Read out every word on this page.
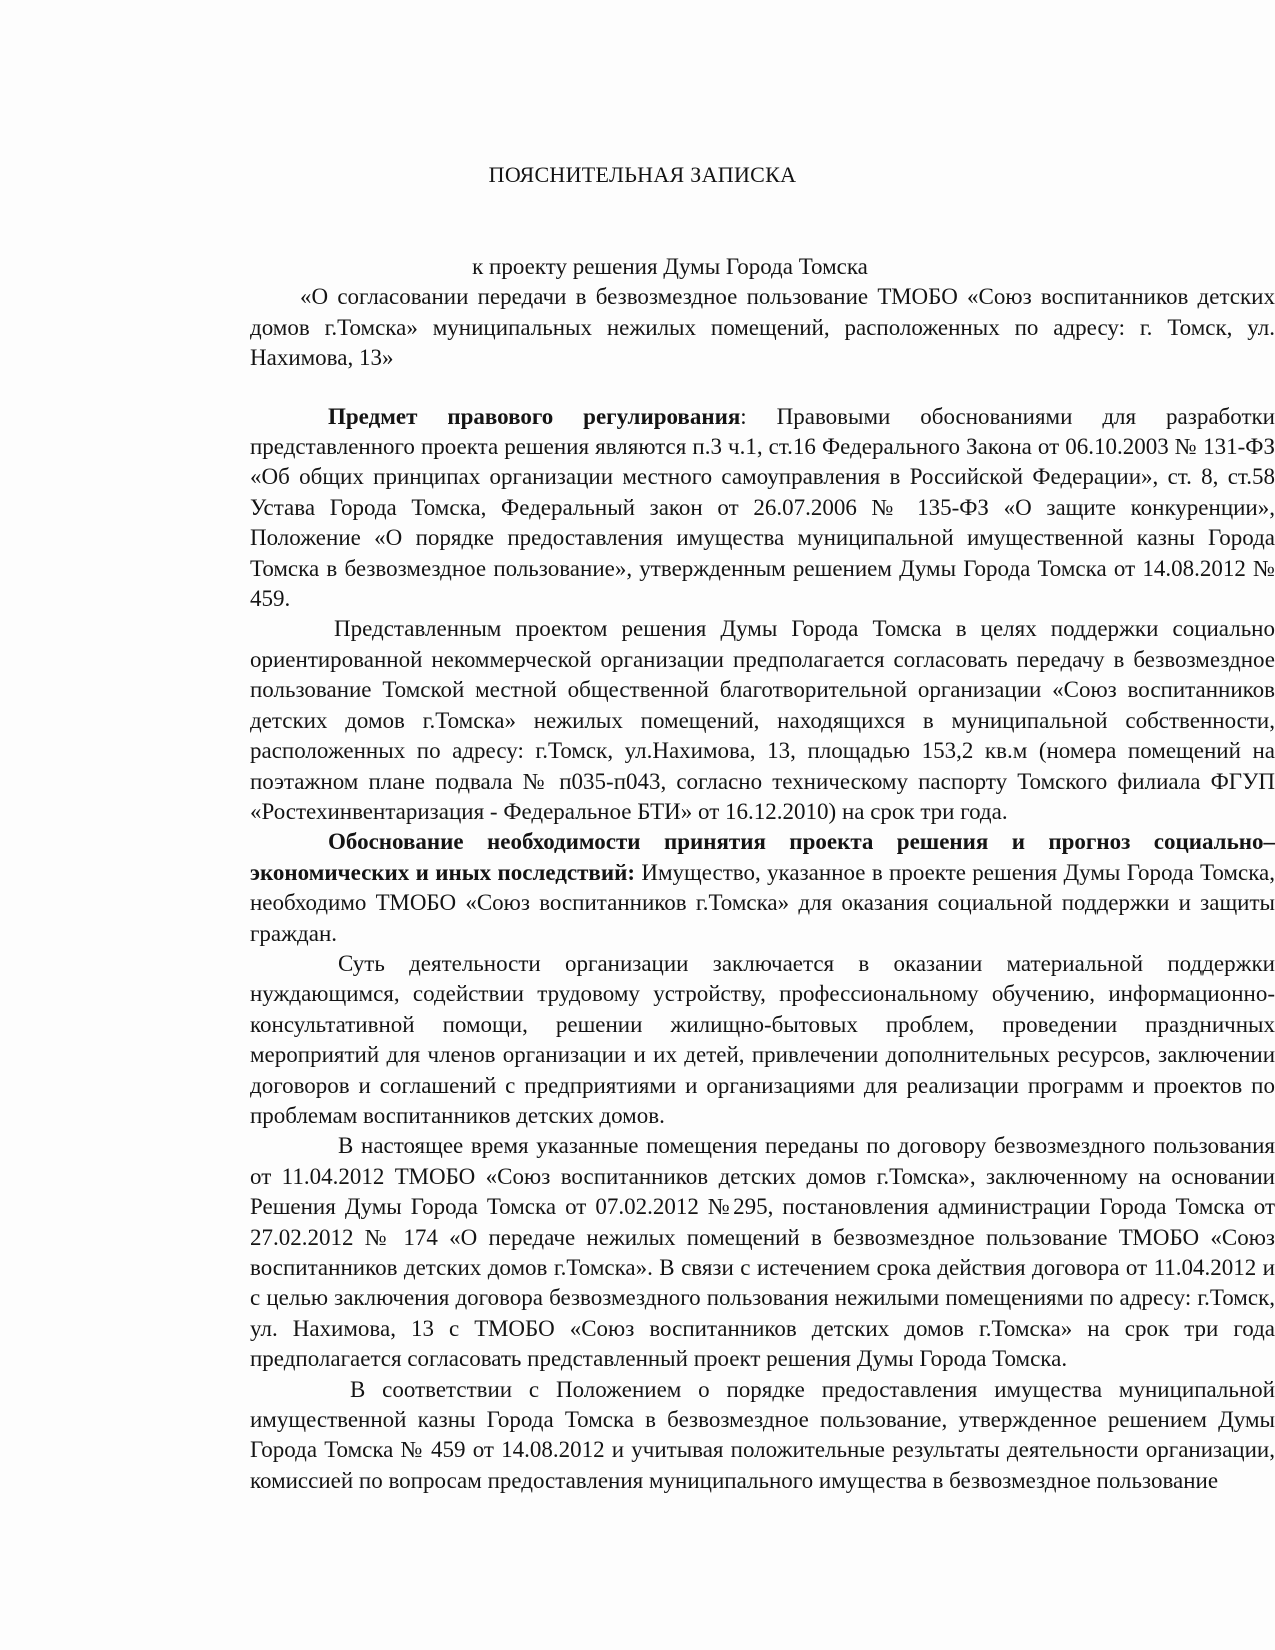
ПОЯСНИТЕЛЬНАЯ ЗАПИСКА
к проекту решения Думы Города Томска

«О согласовании передачи в безвозмездное пользование ТМОБО «Союз воспитанников детских домов г.Томска» муниципальных нежилых помещений, расположенных по адресу: г. Томск, ул. Нахимова, 13»

Предмет правового регулирования: Правовыми обоснованиями для разработки представленного проекта решения являются п.3 ч.1, ст.16 Федерального Закона от 06.10.2003 № 131-ФЗ «Об общих принципах организации местного самоуправления в Российской Федерации», ст. 8, ст.58 Устава Города Томска, Федеральный закон от 26.07.2006 № 135-ФЗ «О защите конкуренции», Положение «О порядке предоставления имущества муниципальной имущественной казны Города Томска в безвозмездное пользование», утвержденным решением Думы Города Томска от 14.08.2012 № 459.

Представленным проектом решения Думы Города Томска в целях поддержки социально ориентированной некоммерческой организации предполагается согласовать передачу в безвозмездное пользование Томской местной общественной благотворительной организации «Союз воспитанников детских домов г.Томска» нежилых помещений, находящихся в муниципальной собственности, расположенных по адресу: г.Томск, ул.Нахимова, 13, площадью 153,2 кв.м (номера помещений на поэтажном плане подвала № п035-п043, согласно техническому паспорту Томского филиала ФГУП «Ростехинвентаризация - Федеральное БТИ» от 16.12.2010) на срок три года.

Обоснование необходимости принятия проекта решения и прогноз социально–экономических и иных последствий: Имущество, указанное в проекте решения Думы Города Томска, необходимо ТМОБО «Союз воспитанников г.Томска» для оказания социальной поддержки и защиты граждан.

Суть деятельности организации заключается в оказании материальной поддержки нуждающимся, содействии трудовому устройству, профессиональному обучению, информационно-консультативной помощи, решении жилищно-бытовых проблем, проведении праздничных мероприятий для членов организации и их детей, привлечении дополнительных ресурсов, заключении договоров и соглашений с предприятиями и организациями для реализации программ и проектов по проблемам воспитанников детских домов.

В настоящее время указанные помещения переданы по договору безвозмездного пользования от 11.04.2012 ТМОБО «Союз воспитанников детских домов г.Томска», заключенному на основании Решения Думы Города Томска от 07.02.2012 №295, постановления администрации Города Томска от 27.02.2012 № 174 «О передаче нежилых помещений в безвозмездное пользование ТМОБО «Союз воспитанников детских домов г.Томска». В связи с истечением срока действия договора от 11.04.2012 и с целью заключения договора безвозмездного пользования нежилыми помещениями по адресу: г.Томск, ул. Нахимова, 13 с ТМОБО «Союз воспитанников детских домов г.Томска» на срок три года предполагается согласовать представленный проект решения Думы Города Томска.

В соответствии с Положением о порядке предоставления имущества муниципальной имущественной казны Города Томска в безвозмездное пользование, утвержденное решением Думы Города Томска № 459 от 14.08.2012 и учитывая положительные результаты деятельности организации, комиссией по вопросам предоставления муниципального имущества в безвозмездное пользование
